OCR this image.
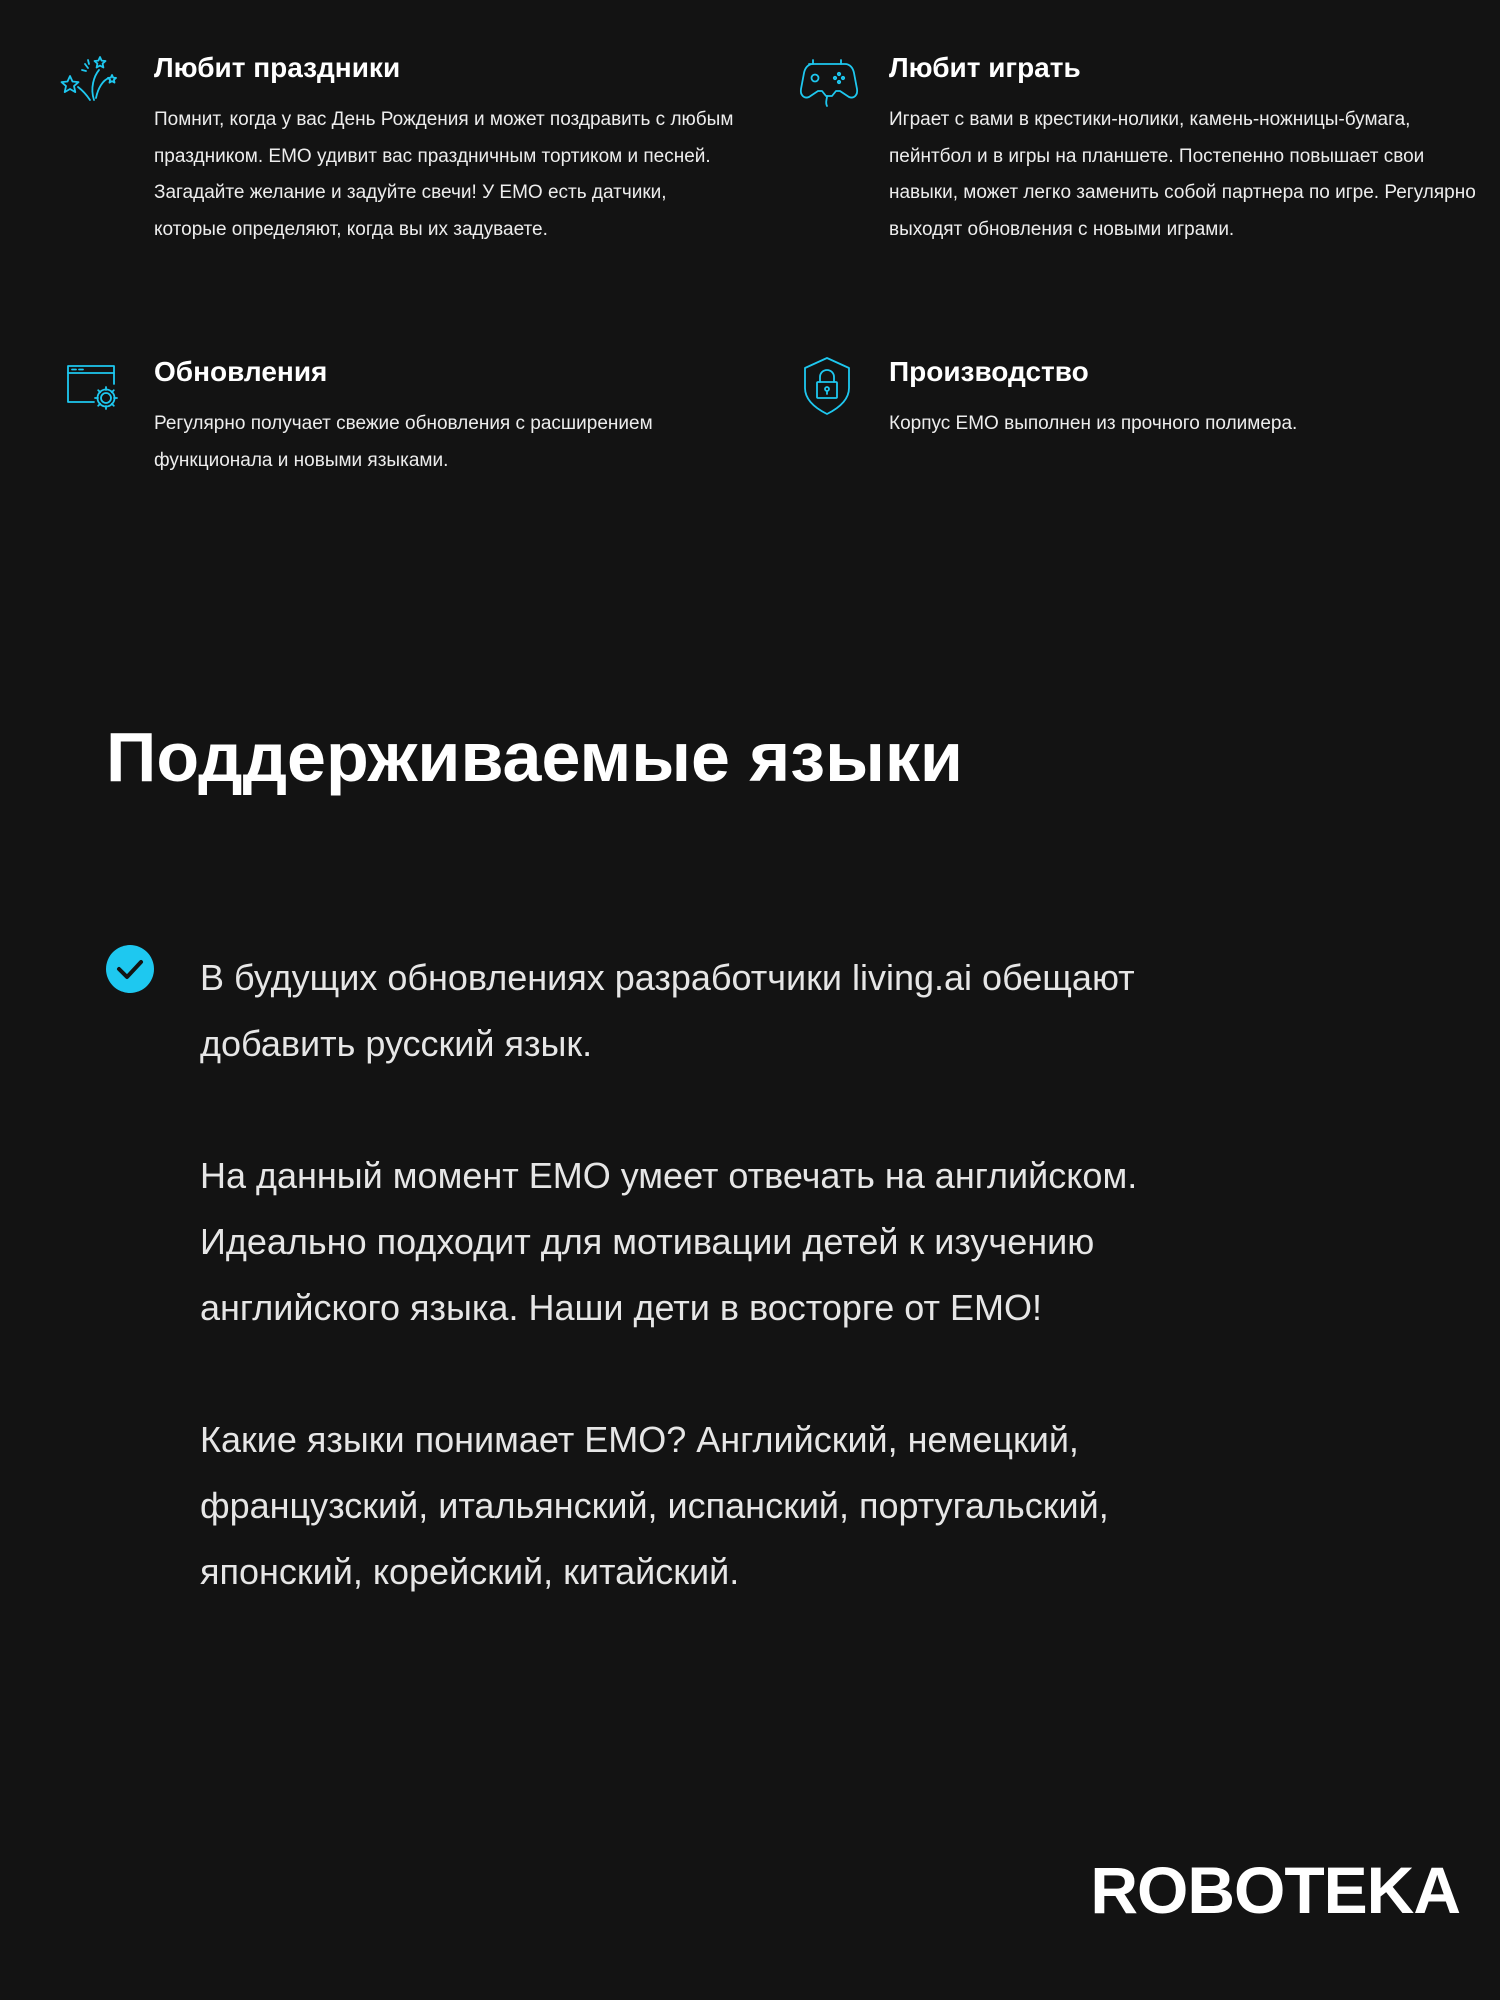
Любит праздники
Помнит, когда у вас День Рождения и может поздравить с любым праздником. EMO удивит вас праздничным тортиком и песней. Загадайте желание и задуйте свечи! У EMO есть датчики, которые определяют, когда вы их задуваете.
Любит играть
Играет с вами в крестики-нолики, камень-ножницы-бумага, пейнтбол и в игры на планшете. Постепенно повышает свои навыки, может легко заменить собой партнера по игре. Регулярно выходят обновления с новыми играми.
Обновления
Регулярно получает свежие обновления с расширением функционала и новыми языками.
Производство
Корпус EMO выполнен из прочного полимера.
Поддерживаемые языки

В будущих обновлениях разработчики living.ai обещают добавить русский язык.

На данный момент EMO умеет отвечать на английском. Идеально подходит для мотивации детей к изучению английского языка. Наши дети в восторге от EMO!

Какие языки понимает EMO? Английский, немецкий, французский, итальянский, испанский, португальский, японский, корейский, китайский.

ROBOTEKA
